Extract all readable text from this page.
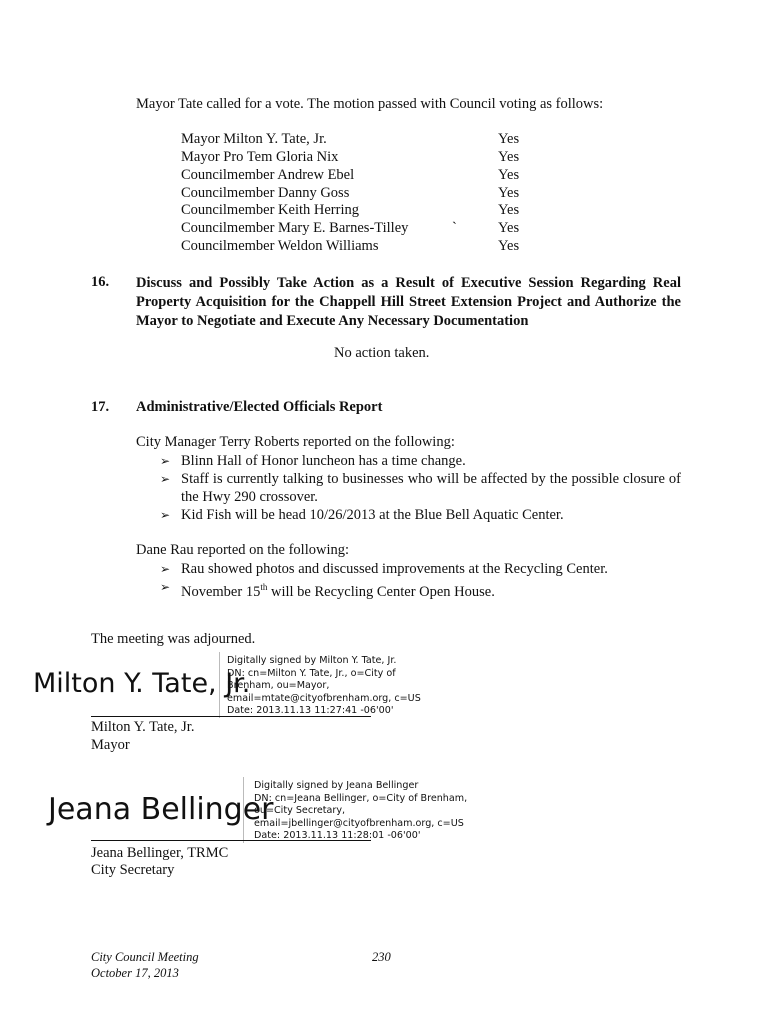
Mayor Tate called for a vote. The motion passed with Council voting as follows:
Mayor Milton Y. Tate, Jr.	Yes
Mayor Pro Tem Gloria Nix	Yes
Councilmember Andrew Ebel	Yes
Councilmember Danny Goss	Yes
Councilmember Keith Herring	Yes
Councilmember Mary E. Barnes-Tilley	`	Yes
Councilmember Weldon Williams	Yes
16. Discuss and Possibly Take Action as a Result of Executive Session Regarding Real Property Acquisition for the Chappell Hill Street Extension Project and Authorize the Mayor to Negotiate and Execute Any Necessary Documentation
No action taken.
17. Administrative/Elected Officials Report
City Manager Terry Roberts reported on the following:
➢ Blinn Hall of Honor luncheon has a time change.
➢ Staff is currently talking to businesses who will be affected by the possible closure of the Hwy 290 crossover.
➢ Kid Fish will be head 10/26/2013 at the Blue Bell Aquatic Center.
Dane Rau reported on the following:
➢ Rau showed photos and discussed improvements at the Recycling Center.
➢ November 15th will be Recycling Center Open House.
The meeting was adjourned.
Milton Y. Tate, Jr.
Digitally signed by Milton Y. Tate, Jr.
DN: cn=Milton Y. Tate, Jr., o=City of
Brenham, ou=Mayor,
email=mtate@cityofbrenham.org, c=US
Date: 2013.11.13 11:27:41 -06'00'
Milton Y. Tate, Jr.
Mayor
Jeana Bellinger
Digitally signed by Jeana Bellinger
DN: cn=Jeana Bellinger, o=City of Brenham,
ou=City Secretary,
email=jbellinger@cityofbrenham.org, c=US
Date: 2013.11.13 11:28:01 -06'00'
Jeana Bellinger, TRMC
City Secretary
City Council Meeting
October 17, 2013
230
